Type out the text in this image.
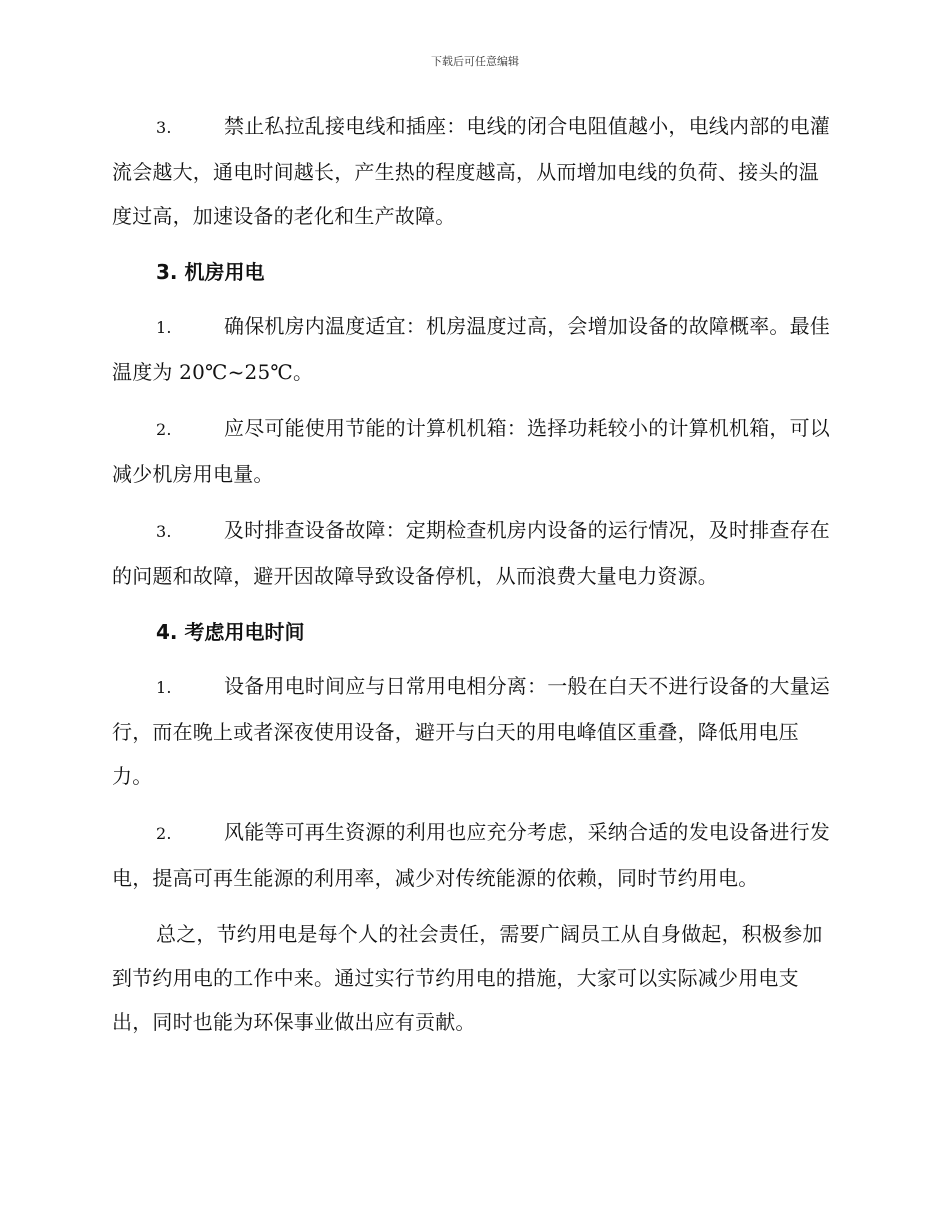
下载后可任意编辑

3.	禁止私拉乱接电线和插座：电线的闭合电阻值越小，电线内部的电灌流会越大，通电时间越长，产生热的程度越高，从而增加电线的负荷、接头的温度过高，加速设备的老化和生产故障。

3. 机房用电

1.	确保机房内温度适宜：机房温度过高，会增加设备的故障概率。最佳温度为 20℃~25℃。

2.	应尽可能使用节能的计算机机箱：选择功耗较小的计算机机箱，可以减少机房用电量。

3.	及时排查设备故障：定期检查机房内设备的运行情况，及时排查存在的问题和故障，避开因故障导致设备停机，从而浪费大量电力资源。

4. 考虑用电时间

1.	设备用电时间应与日常用电相分离：一般在白天不进行设备的大量运行，而在晚上或者深夜使用设备，避开与白天的用电峰值区重叠，降低用电压力。

2.	风能等可再生资源的利用也应充分考虑，采纳合适的发电设备进行发电，提高可再生能源的利用率，减少对传统能源的依赖，同时节约用电。

总之，节约用电是每个人的社会责任，需要广阔员工从自身做起，积极参加到节约用电的工作中来。通过实行节约用电的措施，大家可以实际减少用电支出，同时也能为环保事业做出应有贡献。
